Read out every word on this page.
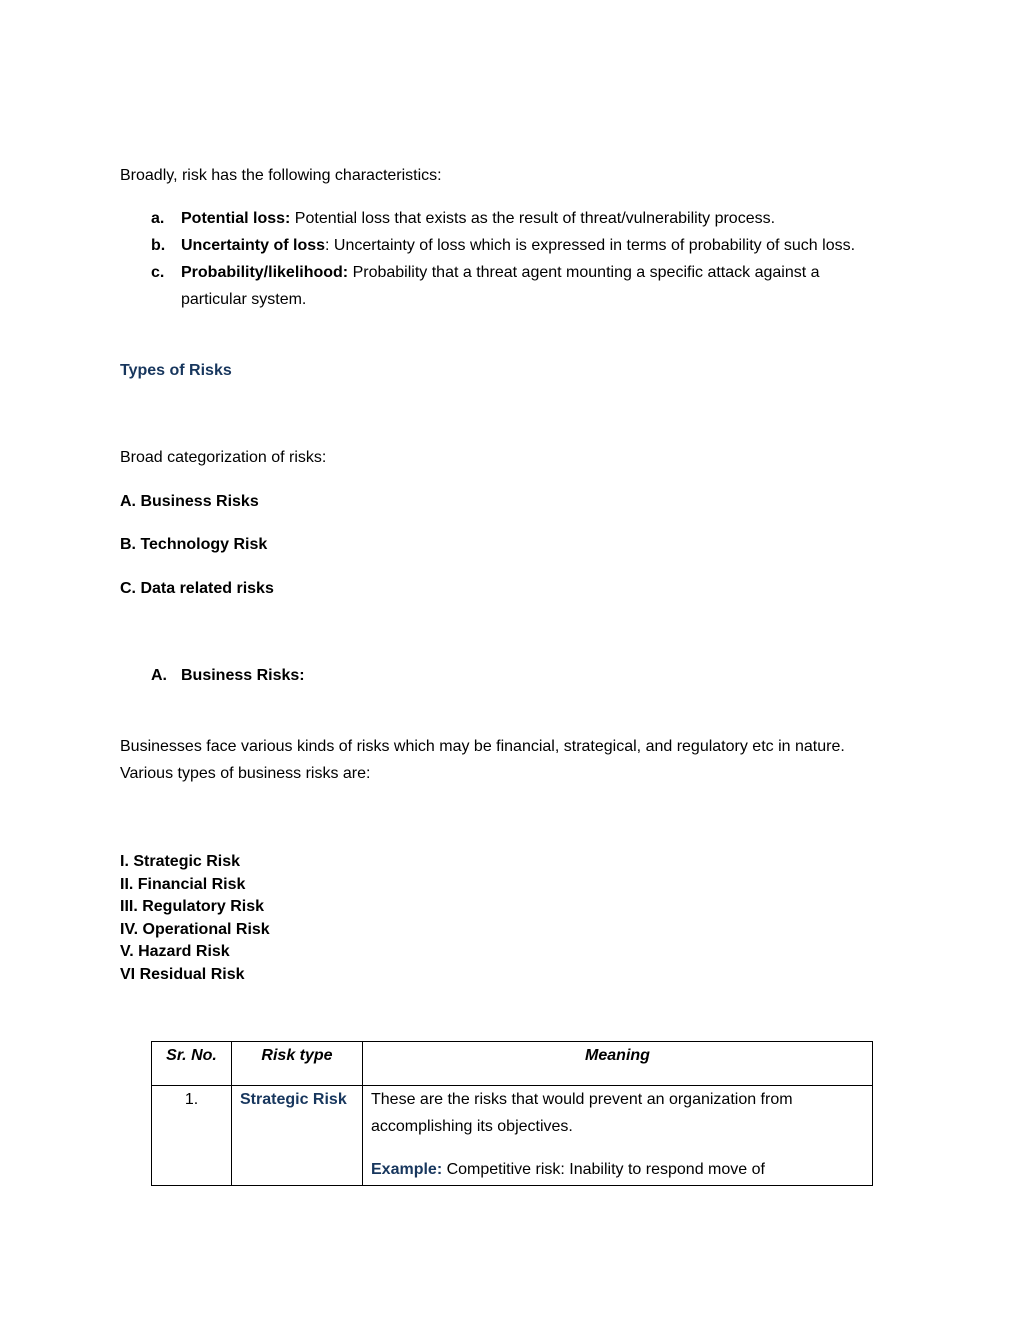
Broadly, risk has the following characteristics:

a. Potential loss: Potential loss that exists as the result of threat/vulnerability process.
b. Uncertainty of loss: Uncertainty of loss which is expressed in terms of probability of such loss.
c. Probability/likelihood: Probability that a threat agent mounting a specific attack against a
particular system.
Types of Risks

Broad categorization of risks:

A. Business Risks

B. Technology Risk

C. Data related risks

A. Business Risks:

Businesses face various kinds of risks which may be financial, strategical, and regulatory etc in nature.

Various types of business risks are:

I. Strategic Risk
II. Financial Risk
III. Regulatory Risk
IV. Operational Risk
V. Hazard Risk
VI Residual Risk
Sr. No.	Risk type	Meaning
1.	Strategic Risk	These are the risks that would prevent an organization from accomplishing its objectives.

Example: Competitive risk: Inability to respond move of
